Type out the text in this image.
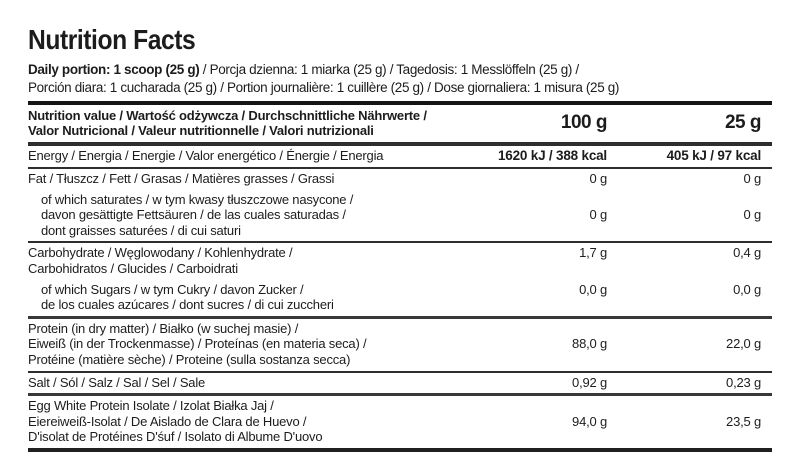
Nutrition Facts

Daily portion: 1 scoop (25 g) / Porcja dzienna: 1 miarka (25 g) / Tagedosis: 1 Messlöffeln (25 g) /
Porción diara: 1 cucharada (25 g) / Portion journalière: 1 cuillère (25 g) / Dose giornaliera: 1 misura (25 g)

Nutrition value / Wartość odżywcza / Durchschnittliche Nährwerte /
Valor Nutricional / Valeur nutritionnelle / Valori nutrizionali	100 g	25 g
Energy / Energia / Energie / Valor energético / Énergie / Energia	1620 kJ / 388 kcal	405 kJ / 97 kcal
Fat / Tłuszcz / Fett / Grasas / Matières grasses / Grassi	0 g	0 g
of which saturates / w tym kwasy tłuszczowe nasycone /
davon gesättigte Fettsäuren / de las cuales saturadas /
dont graisses saturées / di cui saturi
0 g	0 g
Carbohydrate / Węglowodany / Kohlenhydrate /
Carbohidratos / Glucides / Carboidrati
1,7 g	0,4 g
of which Sugars / w tym Cukry / davon Zucker /
de los cuales azúcares / dont sucres / di cui zuccheri
0,0 g	0,0 g
Protein (in dry matter) / Białko (w suchej masie) /
Eiweiß (in der Trockenmasse) / Proteínas (en materia seca) /
Protéine (matière sèche) / Proteine (sulla sostanza secca)
88,0 g	22,0 g
Salt / Sól / Salz / Sal / Sel / Sale	0,92 g	0,23 g
Egg White Protein Isolate / Izolat Białka Jaj /
Eiereiweiß-Isolat / De Aislado de Clara de Huevo /
D'isolat de Protéines D'śuf / Isolato di Albume D'uovo
94,0 g	23,5 g
